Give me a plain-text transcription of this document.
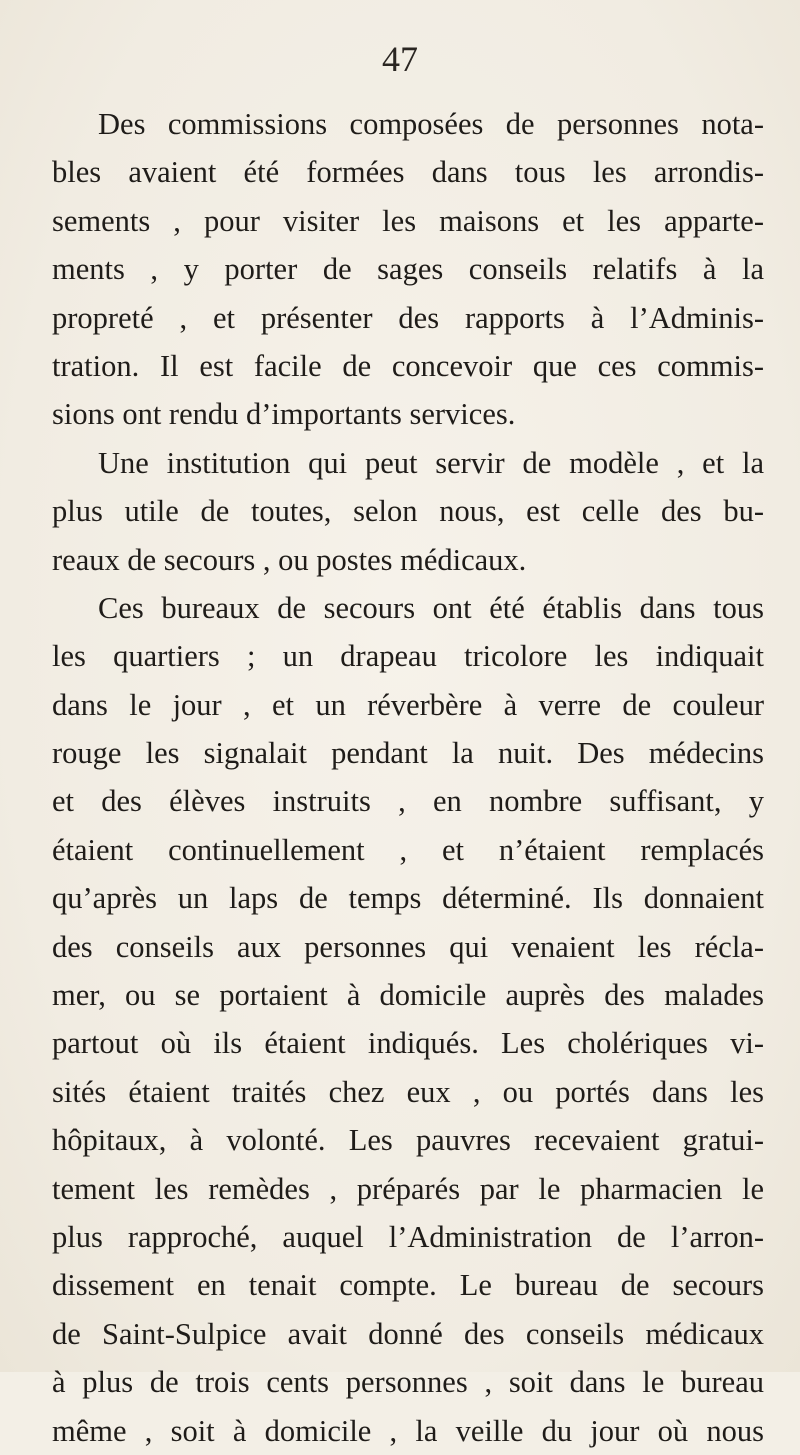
47
Des commissions composées de personnes nota-
bles avaient été formées dans tous les arrondis-
sements , pour visiter les maisons et les apparte-
ments , y porter de sages conseils relatifs à la
propreté , et présenter des rapports à l’Adminis-
tration. Il est facile de concevoir que ces commis-
sions ont rendu d’importants services.
Une institution qui peut servir de modèle , et la
plus utile de toutes, selon nous, est celle des bu-
reaux de secours , ou postes médicaux.
Ces bureaux de secours ont été établis dans tous
les quartiers ; un drapeau tricolore les indiquait
dans le jour , et un réverbère à verre de couleur
rouge les signalait pendant la nuit. Des médecins
et des élèves instruits , en nombre suffisant, y
étaient continuellement , et n’étaient remplacés
qu’après un laps de temps déterminé. Ils donnaient
des conseils aux personnes qui venaient les récla-
mer, ou se portaient à domicile auprès des malades
partout où ils étaient indiqués. Les cholériques vi-
sités étaient traités chez eux , ou portés dans les
hôpitaux, à volonté. Les pauvres recevaient gratui-
tement les remèdes , préparés par le pharmacien le
plus rapproché, auquel l’Administration de l’arron-
dissement en tenait compte. Le bureau de secours
de Saint-Sulpice avait donné des conseils médicaux
à plus de trois cents personnes , soit dans le bureau
même , soit à domicile , la veille du jour où nous
